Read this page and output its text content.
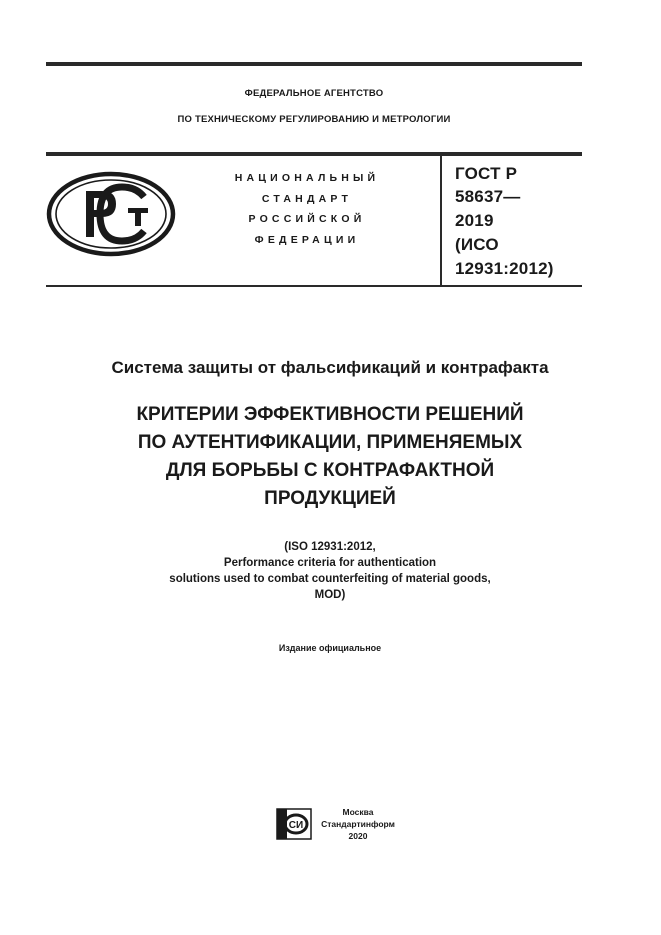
ФЕДЕРАЛЬНОЕ АГЕНТСТВО
ПО ТЕХНИЧЕСКОМУ РЕГУЛИРОВАНИЮ И МЕТРОЛОГИИ
НАЦИОНАЛЬНЫЙ
СТАНДАРТ
РОССИЙСКОЙ
ФЕДЕРАЦИИ
ГОСТ Р
58637—
2019
(ИСО
12931:2012)
Система защиты от фальсификаций и контрафакта
КРИТЕРИИ ЭФФЕКТИВНОСТИ РЕШЕНИЙ
ПО АУТЕНТИФИКАЦИИ, ПРИМЕНЯЕМЫХ
ДЛЯ БОРЬБЫ С КОНТРАФАКТНОЙ
ПРОДУКЦИЕЙ
(ISO 12931:2012,
Performance criteria for authentication
solutions used to combat counterfeiting of material goods,
MOD)
Издание официальное
СИ
Москва
Стандартинформ
2020
